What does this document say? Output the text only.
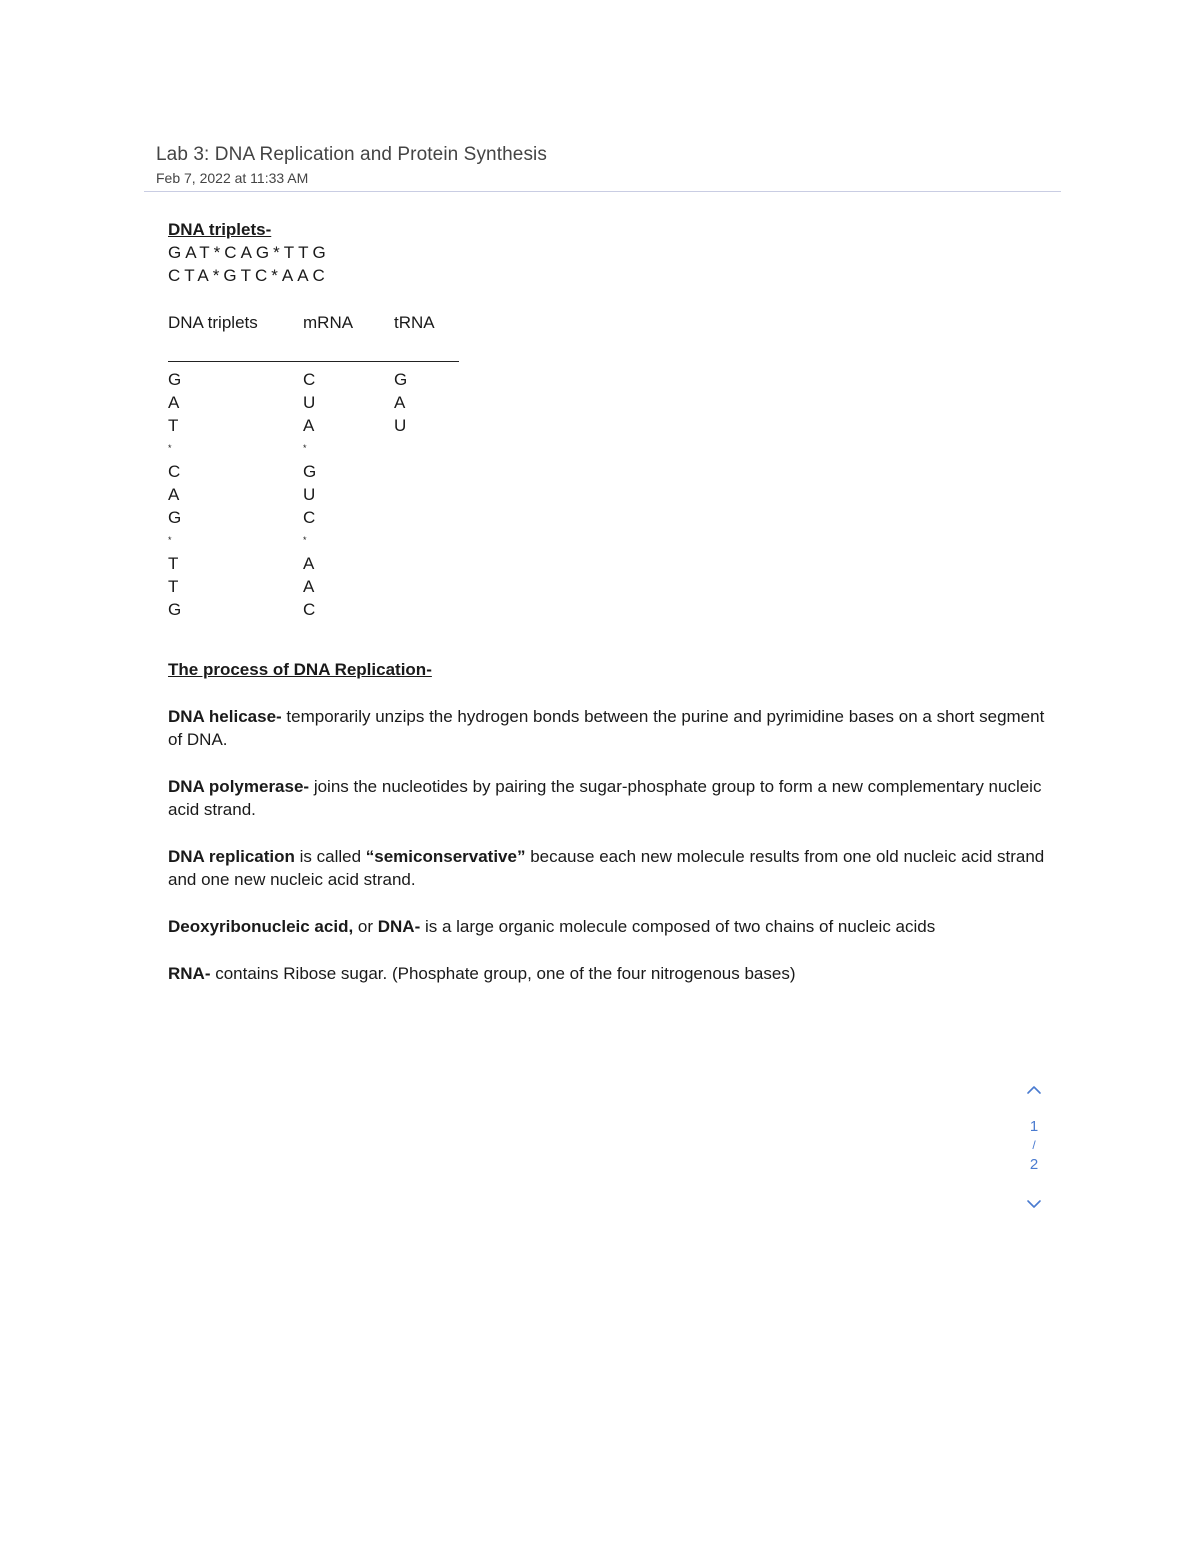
Lab 3: DNA Replication and Protein Synthesis
Feb 7, 2022 at 11:33 AM
DNA triplets-
GAT*CAG*TTG
CTA*GTC*AAC
DNA triplets	mRNA	tRNA
G	C	G
A	U	A
T	A	U
*	*
C	G
A	U
G	C
*	*
T	A
T	A
G	C

The process of DNA Replication-

DNA helicase- temporarily unzips the hydrogen bonds between the purine and pyrimidine bases on a short segment of DNA.

DNA polymerase- joins the nucleotides by pairing the sugar-phosphate group to form a new complementary nucleic acid strand.

DNA replication is called “semiconservative” because each new molecule results from one old nucleic acid strand and one new nucleic acid strand.

Deoxyribonucleic acid, or DNA- is a large organic molecule composed of two chains of nucleic acids

RNA- contains Ribose sugar. (Phosphate group, one of the four nitrogenous bases)

1
/
2
